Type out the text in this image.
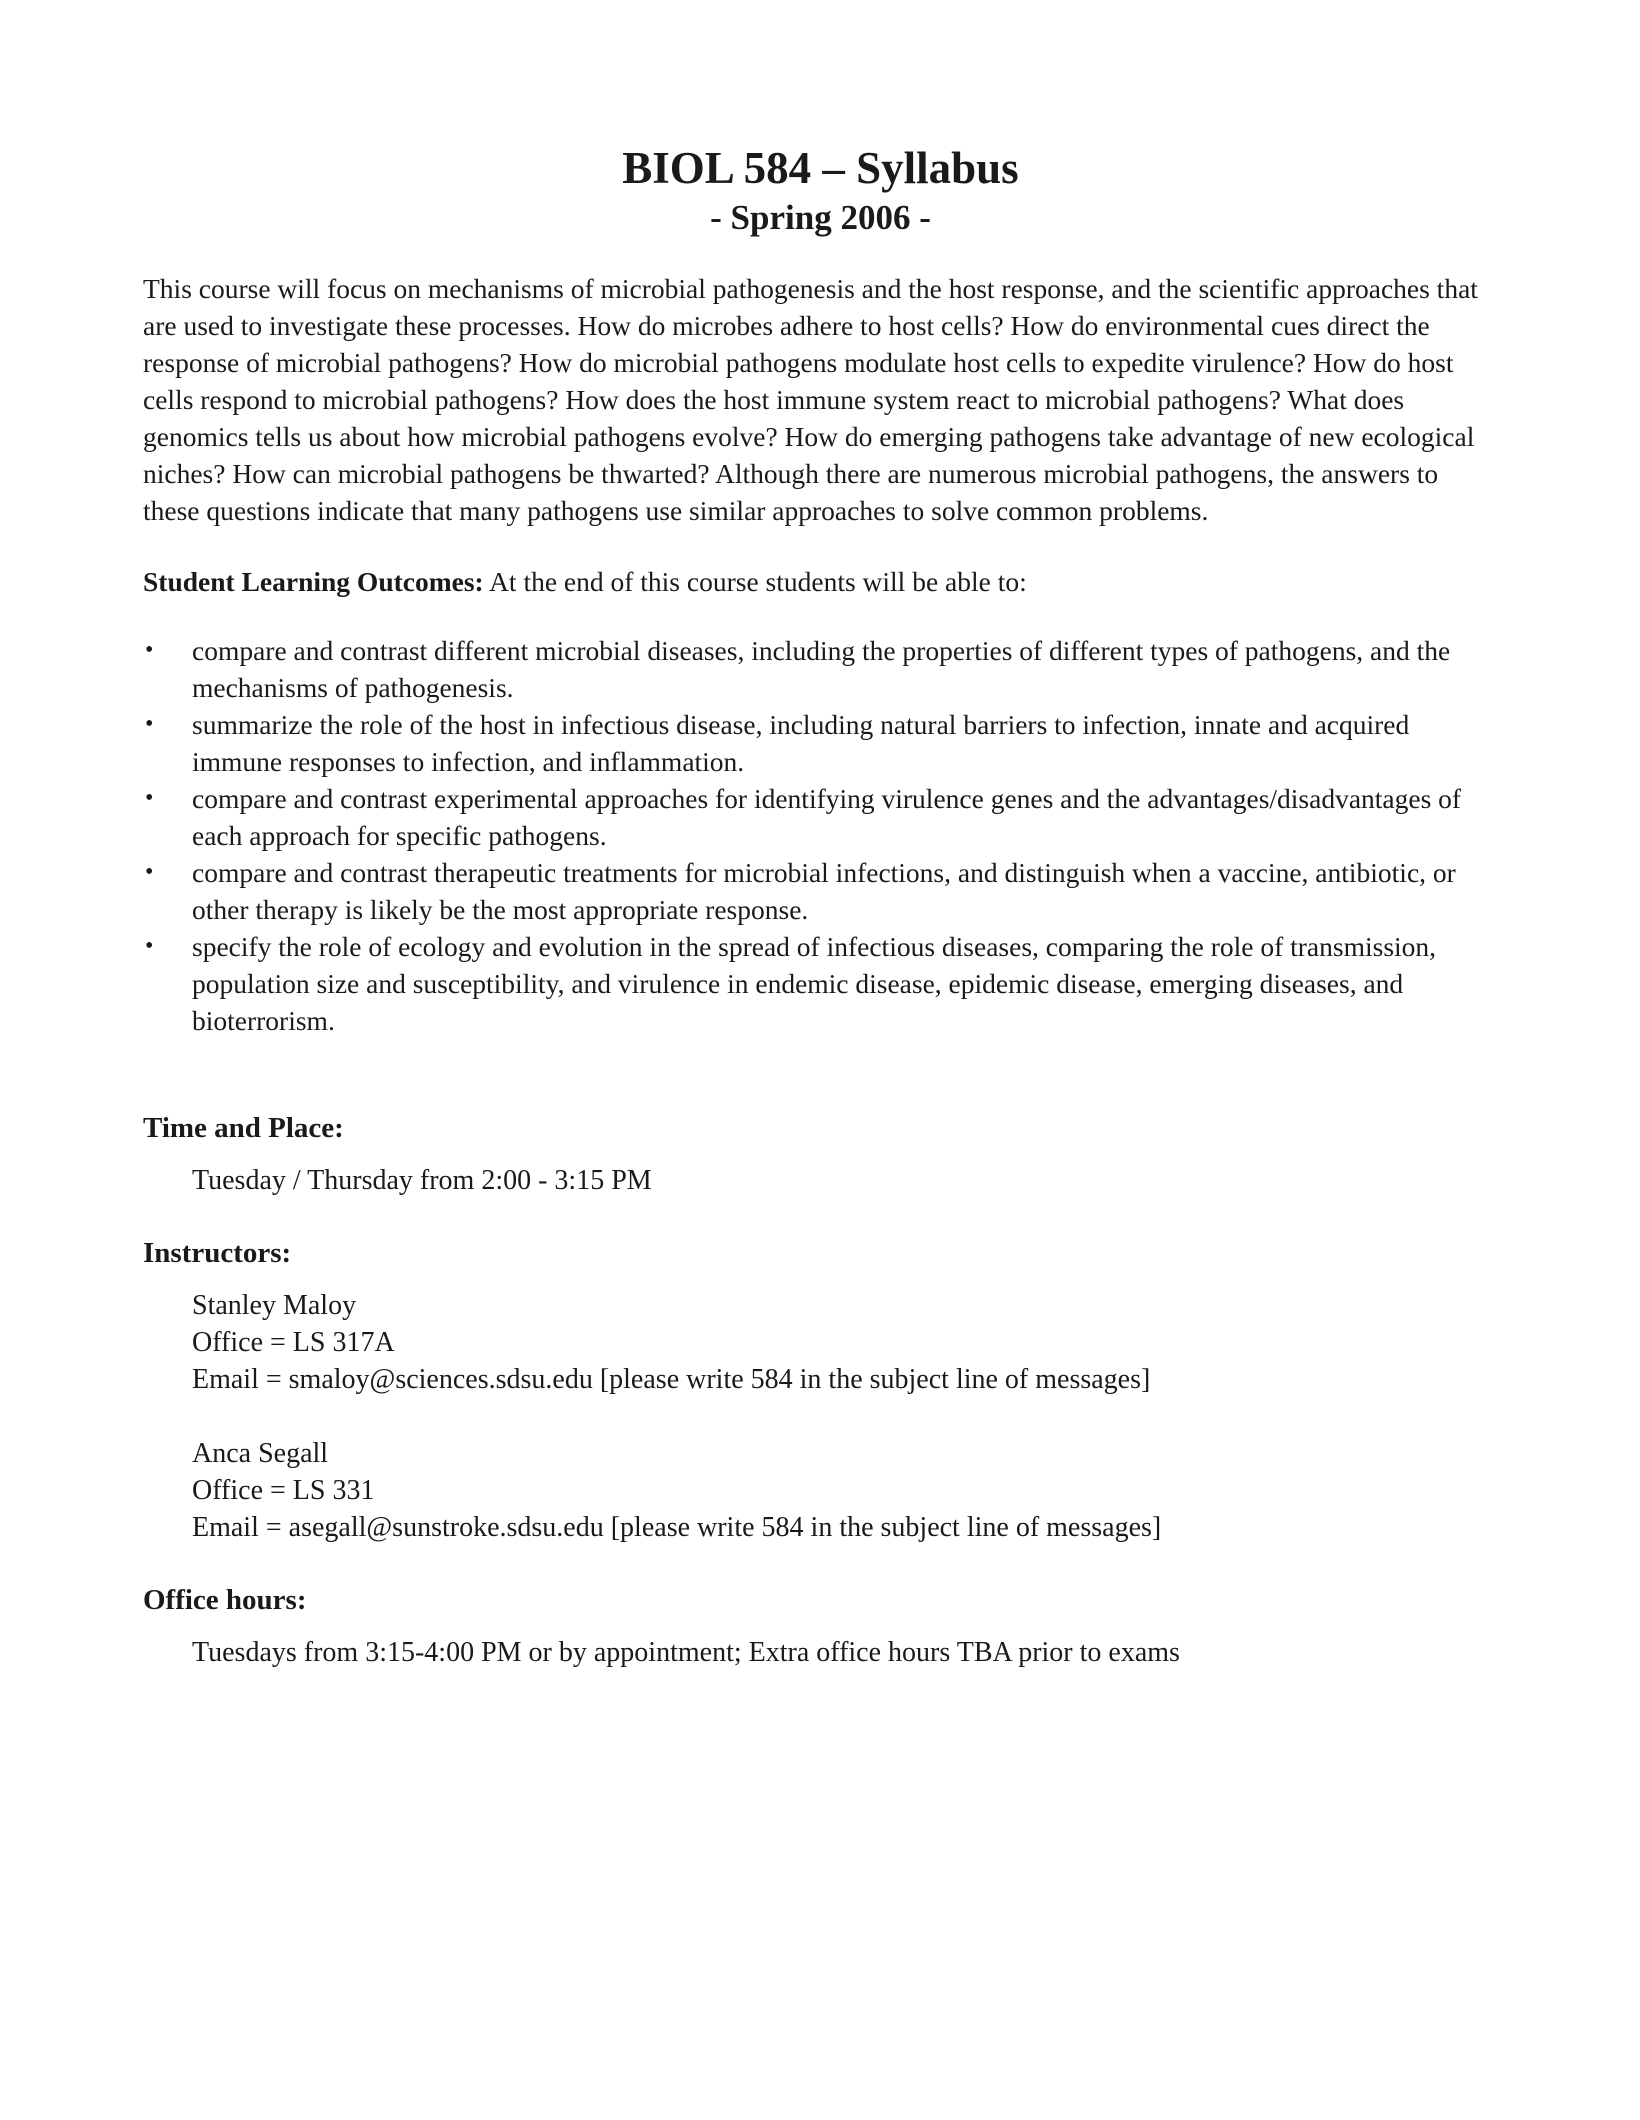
BIOL 584 – Syllabus
- Spring 2006 -

This course will focus on mechanisms of microbial pathogenesis and the host response, and the scientific approaches that are used to investigate these processes. How do microbes adhere to host cells? How do environmental cues direct the response of microbial pathogens? How do microbial pathogens modulate host cells to expedite virulence? How do host cells respond to microbial pathogens? How does the host immune system react to microbial pathogens? What does genomics tells us about how microbial pathogens evolve? How do emerging pathogens take advantage of new ecological niches? How can microbial pathogens be thwarted? Although there are numerous microbial pathogens, the answers to these questions indicate that many pathogens use similar approaches to solve common problems.

Student Learning Outcomes: At the end of this course students will be able to:

• compare and contrast different microbial diseases, including the properties of different types of pathogens, and the mechanisms of pathogenesis.
• summarize the role of the host in infectious disease, including natural barriers to infection, innate and acquired immune responses to infection, and inflammation.
• compare and contrast experimental approaches for identifying virulence genes and the advantages/disadvantages of each approach for specific pathogens.
• compare and contrast therapeutic treatments for microbial infections, and distinguish when a vaccine, antibiotic, or other therapy is likely be the most appropriate response.
• specify the role of ecology and evolution in the spread of infectious diseases, comparing the role of transmission, population size and susceptibility, and virulence in endemic disease, epidemic disease, emerging diseases, and bioterrorism.
Time and Place:
Tuesday / Thursday from 2:00 - 3:15 PM
Instructors:
Stanley Maloy
Office = LS 317A
Email = smaloy@sciences.sdsu.edu [please write 584 in the subject line of messages]
Anca Segall
Office = LS 331
Email = asegall@sunstroke.sdsu.edu [please write 584 in the subject line of messages]
Office hours:
Tuesdays from 3:15-4:00 PM or by appointment; Extra office hours TBA prior to exams
